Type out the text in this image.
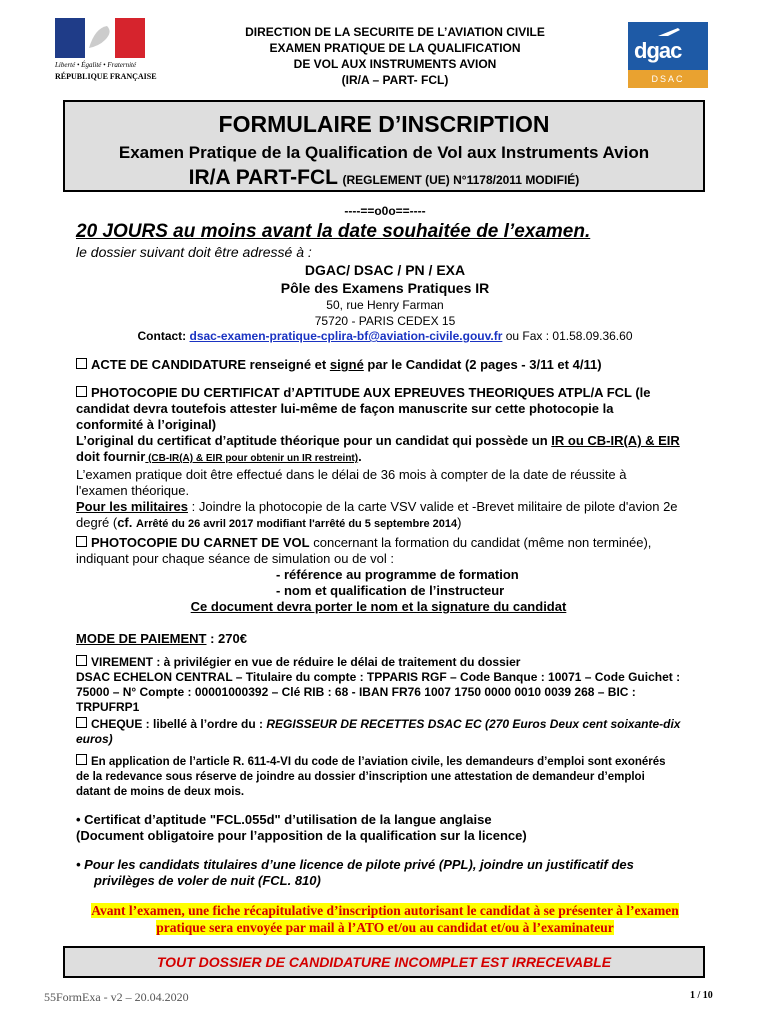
Liberté • Égalité • Fraternité
RÉPUBLIQUE FRANÇAISE
DIRECTION DE LA SECURITE DE L’AVIATION CIVILE
EXAMEN PRATIQUE DE LA QUALIFICATION
DE VOL AUX INSTRUMENTS AVION
(IR/A – PART- FCL)
dgac
DSAC
FORMULAIRE D’INSCRIPTION
Examen Pratique de la Qualification de Vol aux Instruments Avion
IR/A PART-FCL (REGLEMENT (UE) N°1178/2011 MODIFIÉ)
----==o0o==----
20 JOURS au moins avant la date souhaitée de l’examen.
le dossier suivant doit être adressé à :
DGAC/ DSAC / PN / EXA
Pôle des Examens Pratiques IR
50, rue Henry Farman
75720 - PARIS CEDEX 15
Contact: dsac-examen-pratique-cplira-bf@aviation-civile.gouv.fr ou Fax : 01.58.09.36.60
ACTE DE CANDIDATURE renseigné et signé par le Candidat (2 pages - 3/11 et 4/11)
PHOTOCOPIE DU CERTIFICAT d’APTITUDE AUX EPREUVES THEORIQUES ATPL/A FCL (le
candidat devra toutefois attester lui-même de façon manuscrite sur cette photocopie la
conformité à l’original)
L’original du certificat d’aptitude théorique pour un candidat qui possède un IR ou CB-IR(A) & EIR
doit fournir (CB-IR(A) & EIR pour obtenir un IR restreint).
L’examen pratique doit être effectué dans le délai de 36 mois à compter de la date de réussite à
l'examen théorique.
Pour les militaires : Joindre la photocopie de la carte VSV valide et -Brevet militaire de pilote d'avion 2e
degré (cf. Arrêté du 26 avril 2017 modifiant l'arrêté du 5 septembre 2014)
PHOTOCOPIE DU CARNET DE VOL concernant la formation du candidat (même non terminée),
indiquant pour chaque séance de simulation ou de vol :
- référence au programme de formation
- nom et qualification de l’instructeur
Ce document devra porter le nom et la signature du candidat
MODE DE PAIEMENT : 270€
VIREMENT : à privilégier en vue de réduire le délai de traitement du dossier
DSAC ECHELON CENTRAL – Titulaire du compte : TPPARIS RGF – Code Banque : 10071 – Code Guichet :
75000 – N° Compte : 00001000392 – Clé RIB : 68 - IBAN FR76 1007 1750 0000 0010 0039 268 – BIC :
TRPUFRP1
CHEQUE : libellé à l’ordre du : REGISSEUR DE RECETTES DSAC EC (270 Euros Deux cent soixante-dix
euros)
En application de l’article R. 611-4-VI du code de l’aviation civile, les demandeurs d’emploi sont exonérés
de la redevance sous réserve de joindre au dossier d’inscription une attestation de demandeur d’emploi
datant de moins de deux mois.
• Certificat d’aptitude "FCL.055d" d’utilisation de la langue anglaise
(Document obligatoire pour l’apposition de la qualification sur la licence)
• Pour les candidats titulaires d’une licence de pilote privé (PPL), joindre un justificatif des
privilèges de voler de nuit (FCL. 810)
Avant l’examen, une fiche récapitulative d’inscription autorisant le candidat à se présenter à l’examen
pratique sera envoyée par mail à l’ATO et/ou au candidat et/ou à l’examinateur
TOUT DOSSIER DE CANDIDATURE INCOMPLET EST IRRECEVABLE
55FormExa - v2 – 20.04.2020	1 / 10
